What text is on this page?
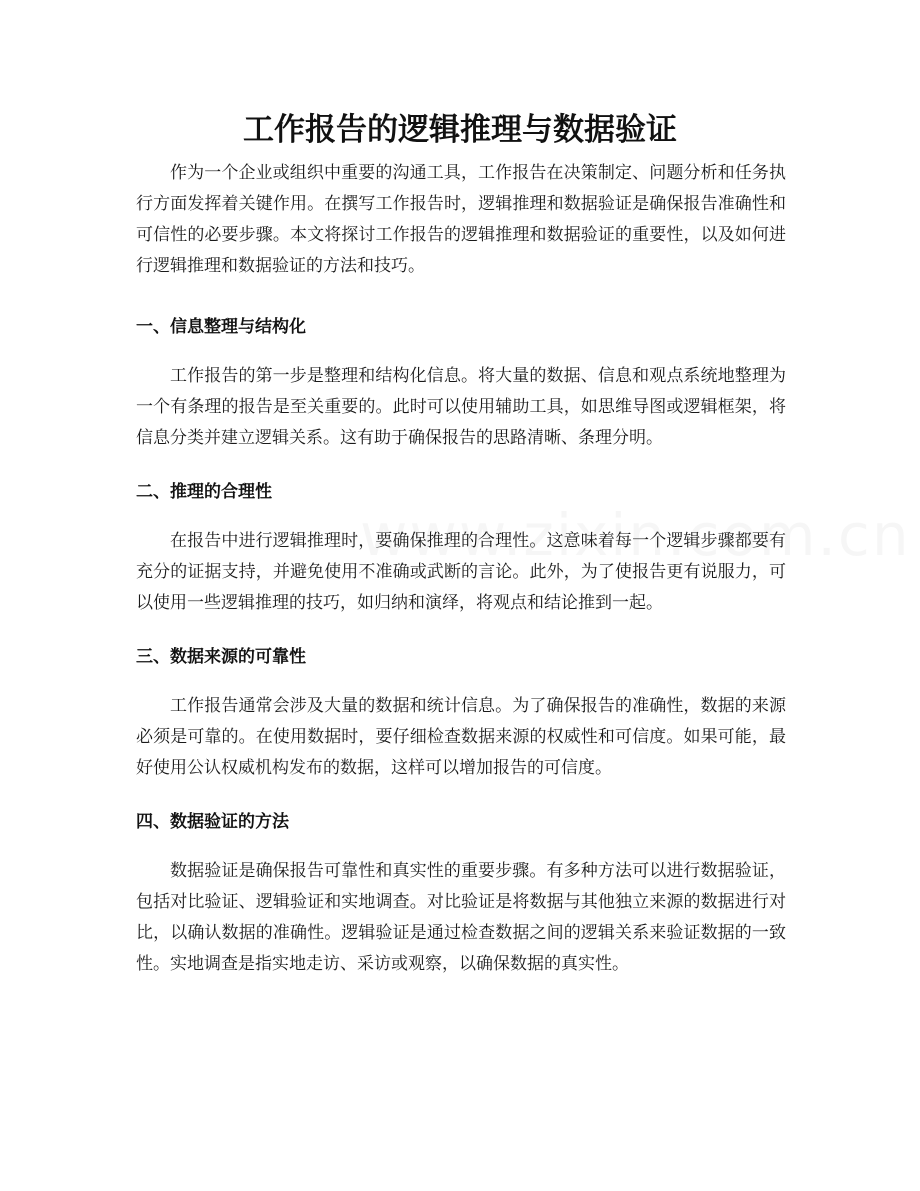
工作报告的逻辑推理与数据验证

作为一个企业或组织中重要的沟通工具，工作报告在决策制定、问题分析和任务执行方面发挥着关键作用。在撰写工作报告时，逻辑推理和数据验证是确保报告准确性和可信性的必要步骤。本文将探讨工作报告的逻辑推理和数据验证的重要性，以及如何进行逻辑推理和数据验证的方法和技巧。

一、信息整理与结构化

工作报告的第一步是整理和结构化信息。将大量的数据、信息和观点系统地整理为一个有条理的报告是至关重要的。此时可以使用辅助工具，如思维导图或逻辑框架，将信息分类并建立逻辑关系。这有助于确保报告的思路清晰、条理分明。

二、推理的合理性

在报告中进行逻辑推理时，要确保推理的合理性。这意味着每一个逻辑步骤都要有充分的证据支持，并避免使用不准确或武断的言论。此外，为了使报告更有说服力，可以使用一些逻辑推理的技巧，如归纳和演绎，将观点和结论推到一起。

三、数据来源的可靠性

工作报告通常会涉及大量的数据和统计信息。为了确保报告的准确性，数据的来源必须是可靠的。在使用数据时，要仔细检查数据来源的权威性和可信度。如果可能，最好使用公认权威机构发布的数据，这样可以增加报告的可信度。

四、数据验证的方法

数据验证是确保报告可靠性和真实性的重要步骤。有多种方法可以进行数据验证，包括对比验证、逻辑验证和实地调查。对比验证是将数据与其他独立来源的数据进行对比，以确认数据的准确性。逻辑验证是通过检查数据之间的逻辑关系来验证数据的一致性。实地调查是指实地走访、采访或观察，以确保数据的真实性。
